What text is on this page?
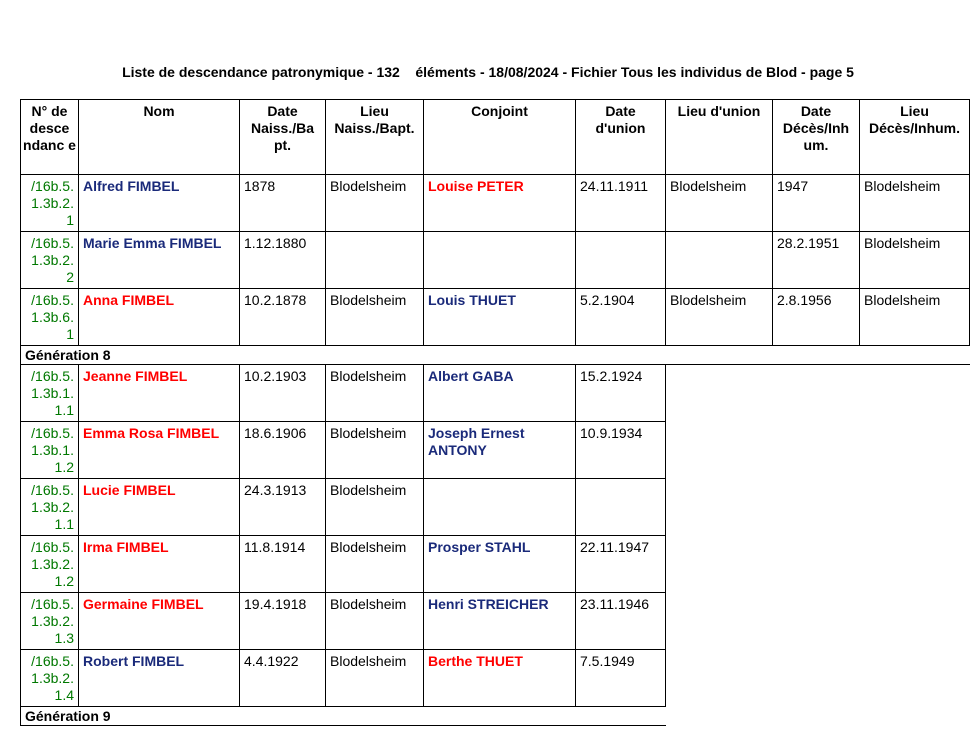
Liste de descendance patronymique - 132    éléments - 18/08/2024 - Fichier Tous les individus de Blod - page 5
N° de desce ndanc e	Nom	Date Naiss./Ba pt.	Lieu Naiss./Bapt.	Conjoint	Date d'union	Lieu d'union	Date Décès/Inh um.	Lieu Décès/Inhum.
/16b.5. 1.3b.2. 1	Alfred FIMBEL	1878	Blodelsheim	Louise PETER	24.11.1911	Blodelsheim	1947	Blodelsheim
/16b.5. 1.3b.2. 2	Marie Emma FIMBEL	1.12.1880					28.2.1951	Blodelsheim
/16b.5. 1.3b.6. 1	Anna FIMBEL	10.2.1878	Blodelsheim	Louis THUET	5.2.1904	Blodelsheim	2.8.1956	Blodelsheim
Génération 8								
/16b.5. 1.3b.1. 1.1	Jeanne FIMBEL	10.2.1903	Blodelsheim	Albert GABA	15.2.1924			
/16b.5. 1.3b.1. 1.2	Emma Rosa FIMBEL	18.6.1906	Blodelsheim	Joseph Ernest ANTONY	10.9.1934			
/16b.5. 1.3b.2. 1.1	Lucie FIMBEL	24.3.1913	Blodelsheim					
/16b.5. 1.3b.2. 1.2	Irma FIMBEL	11.8.1914	Blodelsheim	Prosper STAHL	22.11.1947			
/16b.5. 1.3b.2. 1.3	Germaine FIMBEL	19.4.1918	Blodelsheim	Henri STREICHER	23.11.1946			
/16b.5. 1.3b.2. 1.4	Robert FIMBEL	4.4.1922	Blodelsheim	Berthe THUET	7.5.1949			
Génération 9								
